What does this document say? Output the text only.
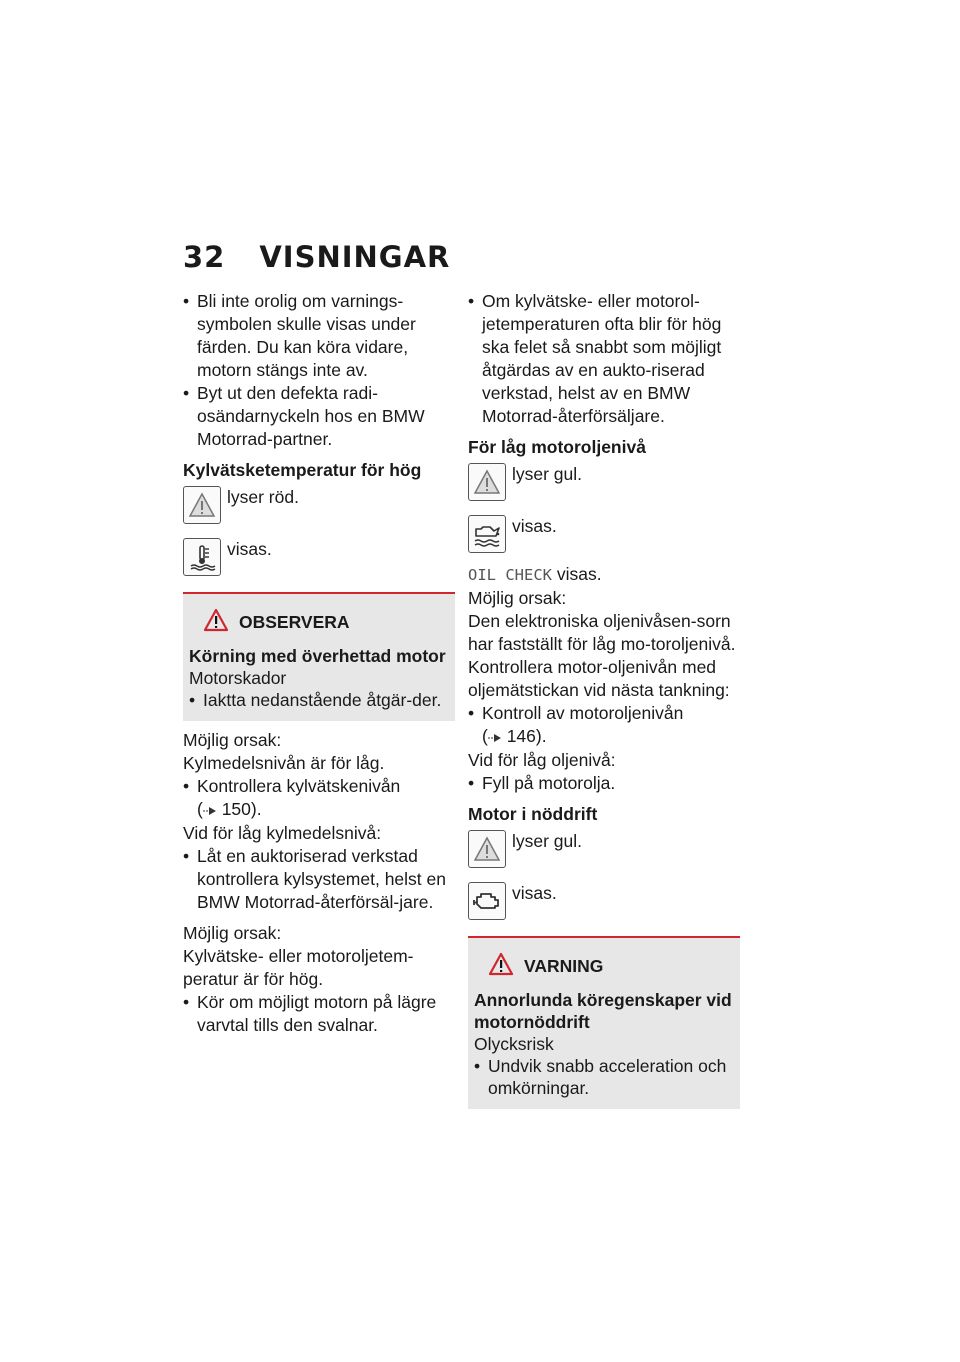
32 VISNINGAR

• Bli inte orolig om varnings-symbolen skulle visas under färden. Du kan köra vidare, motorn stängs inte av.

• Byt ut den defekta radi-osändarnyckeln hos en BMW Motorrad-partner.

Kylvätsketemperatur för hög

lyser röd.
visas.
OBSERVERA

Körning med överhettad motor

Motorskador

• Iaktta nedanstående åtgär-der.

Möjlig orsak:

Kylmedelsnivån är för låg.

• Kontrollera kylvätskenivån

( 150).

Vid för låg kylmedelsnivå:

• Låt en auktoriserad verkstad kontrollera kylsystemet, helst en BMW Motorrad-återförsäl-jare.

Möjlig orsak:

Kylvätske- eller motoroljetem-peratur är för hög.

• Kör om möjligt motorn på lägre varvtal tills den svalnar.

• Om kylvätske- eller motorol-jetemperaturen ofta blir för hög ska felet så snabbt som möjligt åtgärdas av en aukto-riserad verkstad, helst av en BMW Motorrad-återförsäljare.

För låg motoroljenivå

lyser gul.
visas.

OIL CHECK visas.

Möjlig orsak:

Den elektroniska oljenivåsen-sorn har fastställt för låg mo-toroljenivå. Kontrollera motor-oljenivån med oljemätstickan vid nästa tankning:

• Kontroll av motoroljenivån

( 146).

Vid för låg oljenivå:

• Fyll på motorolja.

Motor i nöddrift

lyser gul.
visas.
VARNING

Annorlunda köregenskaper vid motornöddrift

Olycksrisk

• Undvik snabb acceleration och omkörningar.
